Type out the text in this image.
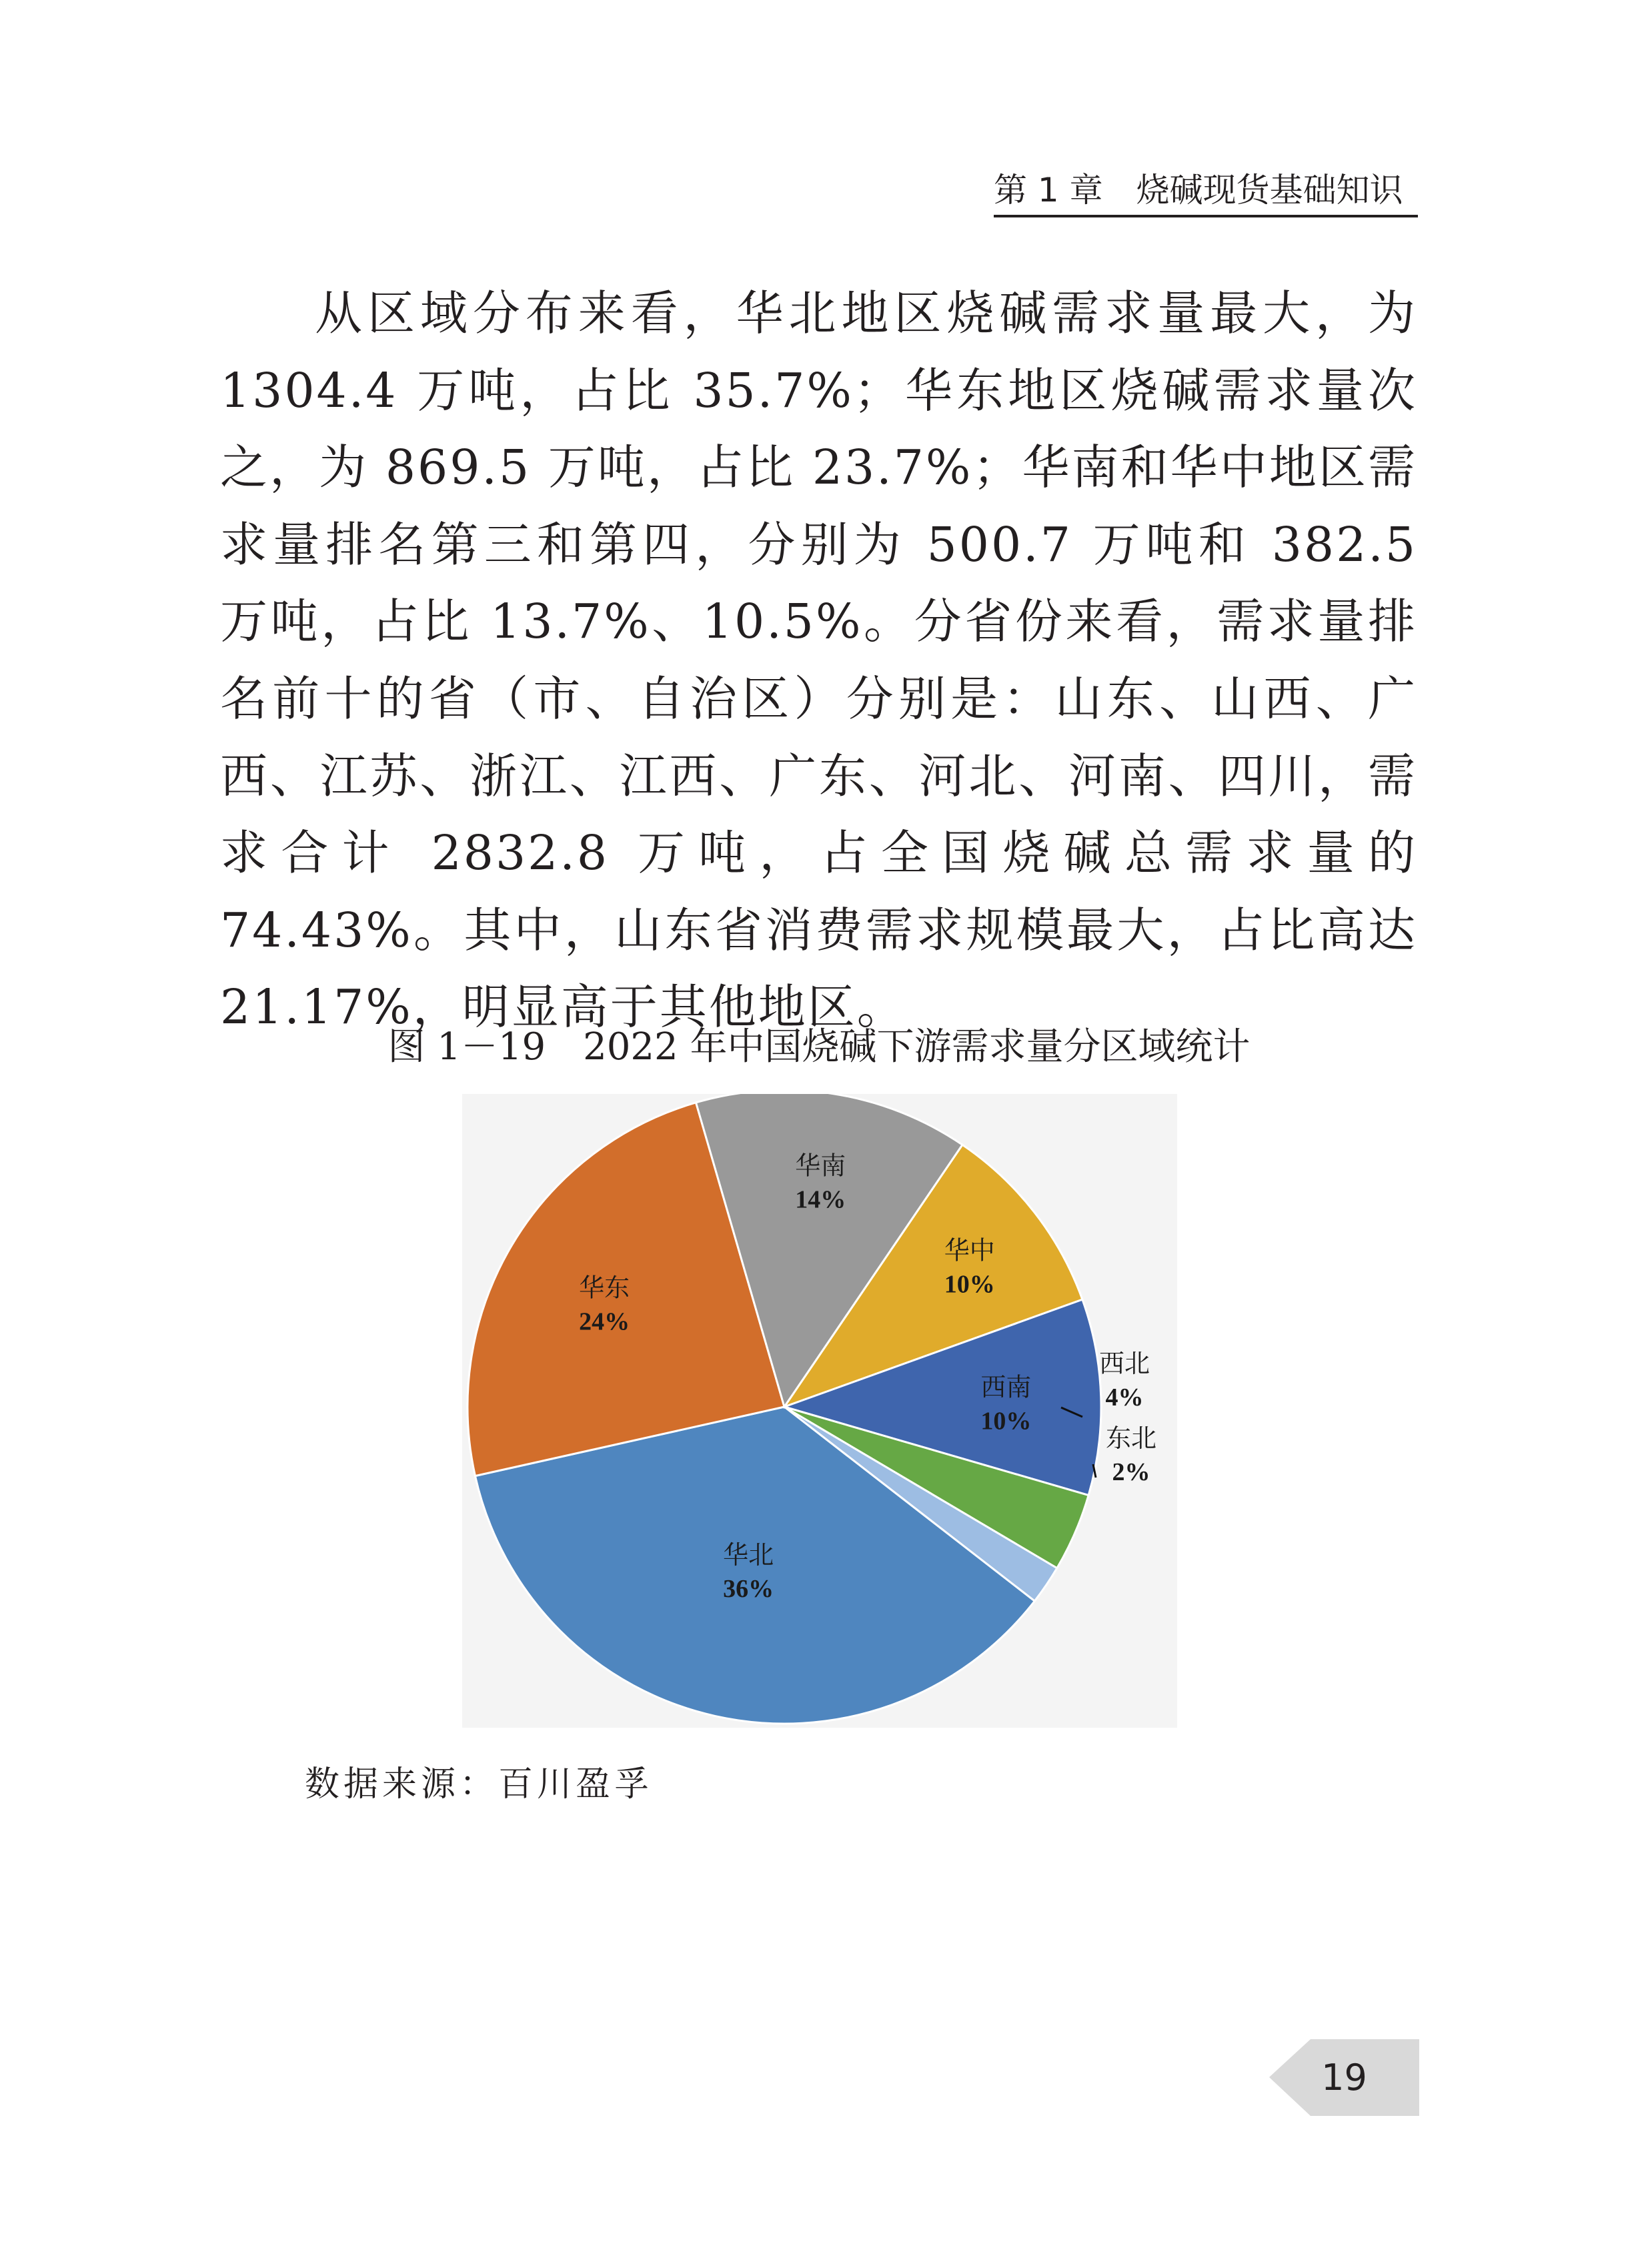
第 1 章　烧碱现货基础知识
从区域分布来看，华北地区烧碱需求量最大，为 1304.4 万吨，占比 35.7%；华东地区烧碱需求量次之，为 869.5 万吨，占比 23.7%；华南和华中地区需求量排名第三和第四，分别为 500.7 万吨和 382.5 万吨，占比 13.7%、10.5%。分省份来看，需求量排名前十的省（市、自治区）分别是：山东、山西、广西、江苏、浙江、江西、广东、河北、河南、四川，需求合计 2832.8 万吨，占全国烧碱总需求量的 74.43%。其中，山东省消费需求规模最大，占比高达 21.17%，明显高于其他地区。
图 1－19　2022 年中国烧碱下游需求量分区域统计
华北
36%
华东
24%
华南
14%
华中
10%
西南
10%
西北
4%
东北
2%
数据来源：百川盈孚
19
